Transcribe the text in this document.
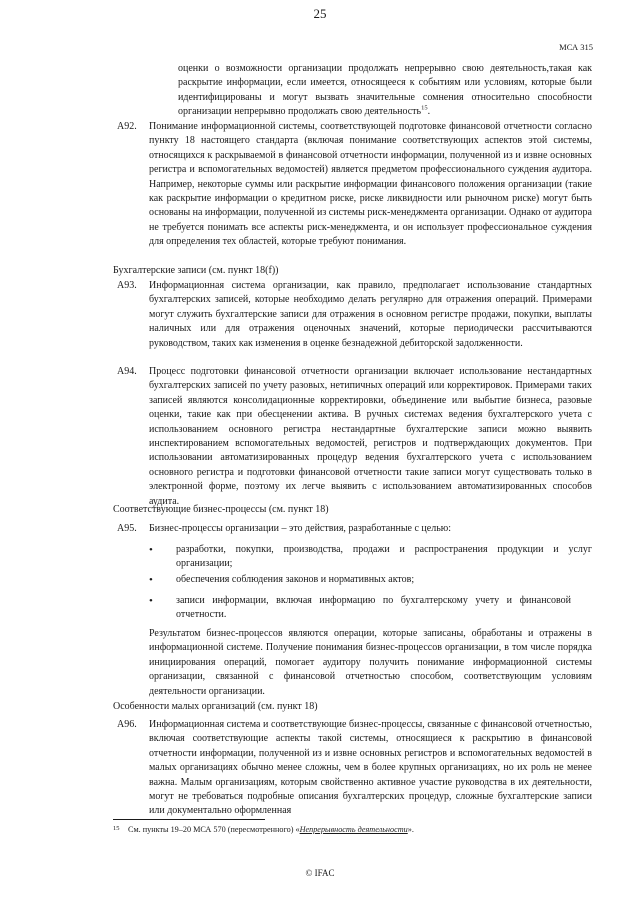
25
МСА 315
оценки о возможности организации продолжать непрерывно свою деятельность,такая как раскрытие информации, если имеется, относящееся к событиям или условиям, которые были идентифицированы и могут вызвать значительные сомнения относительно способности организации непрерывно продолжать свою деятельность$^{15}$.
A92. Понимание информационной системы, соответствующей подготовке финансовой отчетности согласно пункту 18 настоящего стандарта (включая понимание соответствующих аспектов этой системы, относящихся к раскрываемой в финансовой отчетности информации, полученной из и извне основных регистра и вспомогательных ведомостей) является предметом профессионального суждения аудитора. Например, некоторые суммы или раскрытие информации финансового положения организации (такие как раскрытие информации о кредитном риске, риске ликвидности или рыночном риске) могут быть основаны на информации, полученной из системы риск-менеджмента организации. Однако от аудитора не требуется понимать все аспекты риск-менеджмента, и он использует профессиональное суждения для определения тех областей, которые требуют понимания.
Бухгалтерские записи (см. пункт 18(f))
A93. Информационная система организации, как правило, предполагает использование стандартных бухгалтерских записей, которые необходимо делать регулярно для отражения операций. Примерами могут служить бухгалтерские записи для отражения в основном регистре продажи, покупки, выплаты наличных или для отражения оценочных значений, которые периодически рассчитываются руководством, таких как изменения в оценке безнадежной дебиторской задолженности.
A94. Процесс подготовки финансовой отчетности организации включает использование нестандартных бухгалтерских записей по учету разовых, нетипичных операций или корректировок. Примерами таких записей являются консолидационные корректировки, объединение или выбытие бизнеса, разовые оценки, такие как при обесценении актива. В ручных системах ведения бухгалтерского учета с использованием основного регистра нестандартные бухгалтерские записи можно выявить инспектированием вспомогательных ведомостей, регистров и подтверждающих документов. При использовании автоматизированных процедур ведения бухгалтерского учета с использованием основного регистра и подготовки финансовой отчетности такие записи могут существовать только в электронной форме, поэтому их легче выявить с использованием автоматизированных способов аудита.
Соответствующие бизнес-процессы (см. пункт 18)
A95. Бизнес-процессы организации – это действия, разработанные с целью:
• разработки, покупки, производства, продажи и распространения продукции и услуг организации;
• обеспечения соблюдения законов и нормативных актов;
• записи информации, включая информацию по бухгалтерскому учету и финансовой отчетности.
Результатом бизнес-процессов являются операции, которые записаны, обработаны и отражены в информационной системе. Получение понимания бизнес-процессов организации, в том числе порядка инициирования операций, помогает аудитору получить понимание информационной системы организации, связанной с финансовой отчетностью способом, соответствующим условиям деятельности организации.
Особенности малых организаций (см. пункт 18)
A96. Информационная система и соответствующие бизнес-процессы, связанные с финансовой отчетностью, включая соответствующие аспекты такой системы, относящиеся к раскрытию в финансовой отчетности информации, полученной из и извне основных регистров и вспомогательных ведомостей в малых организациях обычно менее сложны, чем в более крупных организациях, но их роль не менее важна. Малым организациям, которым свойственно активное участие руководства в их деятельности, могут не требоваться подробные описания бухгалтерских процедур, сложные бухгалтерские записи или документально оформленная
15 См. пункты 19–20 МСА 570 (пересмотренного) «Непрерывность деятельности».
© IFAC
